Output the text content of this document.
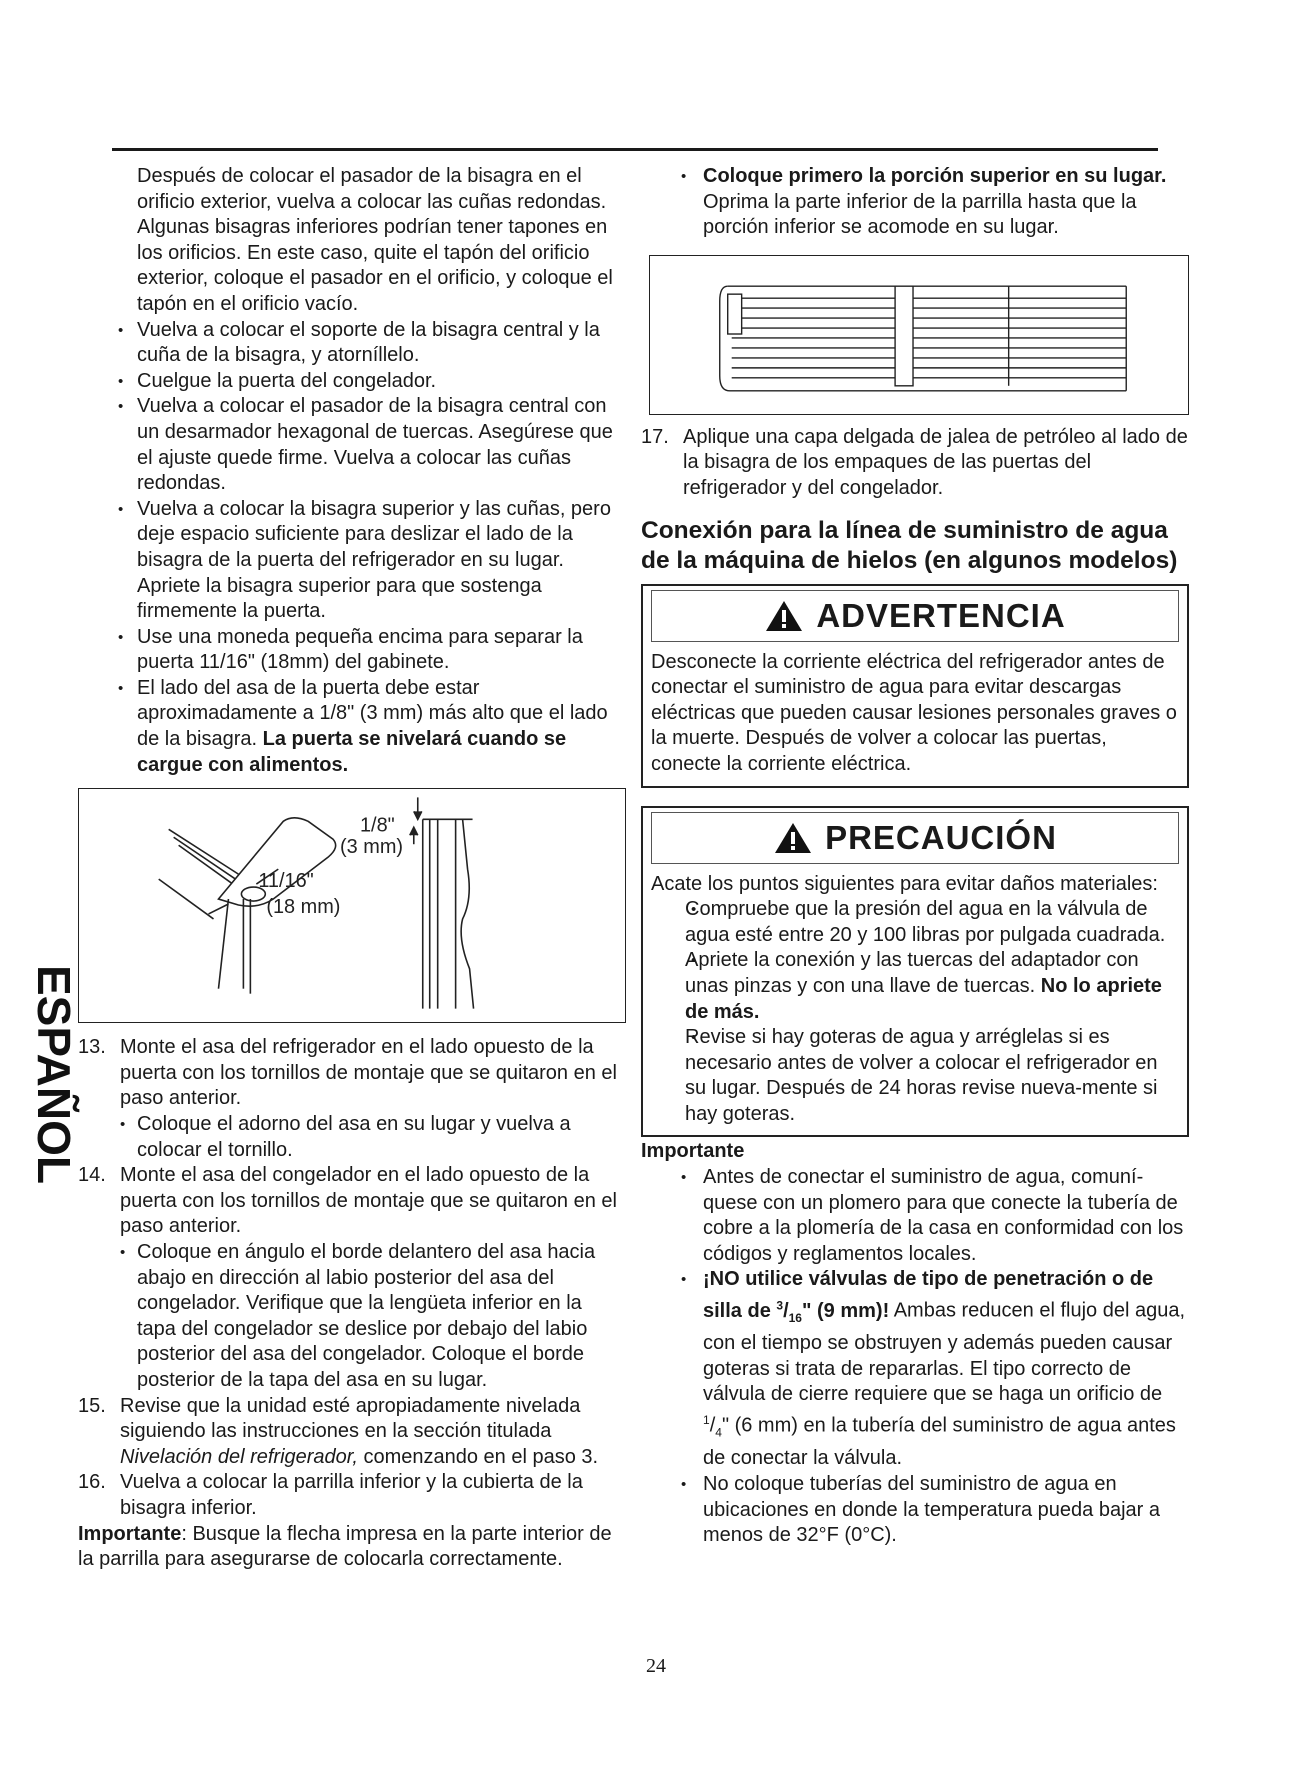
ESPAÑOL

Después de colocar el pasador de la bisagra en el orificio exterior, vuelva a colocar las cuñas redondas. Algunas bisagras inferiores podrían tener tapones en los orificios. En este caso, quite el tapón del orificio exterior, coloque el pasador en el orificio, y coloque el tapón en el orificio vacío.

• Vuelva a colocar el soporte de la bisagra central y la cuña de la bisagra, y atorníllelo.

• Cuelgue la puerta del congelador.

• Vuelva a colocar el pasador de la bisagra central con un desarmador hexagonal de tuercas. Asegúrese que el ajuste quede firme. Vuelva a colocar las cuñas redondas.

• Vuelva a colocar la bisagra superior y las cuñas, pero deje espacio suficiente para deslizar el lado de la bisagra de la puerta del refrigerador en su lugar. Apriete la bisagra superior para que sostenga firmemente la puerta.

• Use una moneda pequeña encima para separar la puerta 11/16" (18mm) del gabinete.

• El lado del asa de la puerta debe estar aproximadamente a 1/8" (3 mm) más alto que el lado de la bisagra. La puerta se nivelará cuando se cargue con alimentos.

1/8"
(3 mm)
11/16"
(18 mm)

13. Monte el asa del refrigerador en el lado opuesto de la puerta con los tornillos de montaje que se quitaron en el paso anterior.

• Coloque el adorno del asa en su lugar y vuelva a colocar el tornillo.

14. Monte el asa del congelador en el lado opuesto de la puerta con los tornillos de montaje que se quitaron en el paso anterior.

• Coloque en ángulo el borde delantero del asa hacia abajo en dirección al labio posterior del asa del congelador. Verifique que la lengüeta inferior en la tapa del congelador se deslice por debajo del labio posterior del asa del congelador. Coloque el borde posterior de la tapa del asa en su lugar.

15. Revise que la unidad esté apropiadamente nivelada siguiendo las instrucciones en la sección titulada Nivelación del refrigerador, comenzando en el paso 3.

16. Vuelva a colocar la parrilla inferior y la cubierta de la bisagra inferior.

Importante: Busque la flecha impresa en la parte interior de la parrilla para asegurarse de colocarla correctamente.

• Coloque primero la porción superior en su lugar. Oprima la parte inferior de la parrilla hasta que la porción inferior se acomode en su lugar.

17. Aplique una capa delgada de jalea de petróleo al lado de la bisagra de los empaques de las puertas del refrigerador y del congelador.

Conexión para la línea de suministro de agua de la máquina de hielos (en algunos modelos)
ADVERTENCIA
Desconecte la corriente eléctrica del refrigerador antes de conectar el suministro de agua para evitar descargas eléctricas que pueden causar lesiones personales graves o la muerte. Después de volver a colocar las puertas, conecte la corriente eléctrica.
PRECAUCIÓN
Acate los puntos siguientes para evitar daños materiales:

• Compruebe que la presión del agua en la válvula de agua esté entre 20 y 100 libras por pulgada cuadrada.

• Apriete la conexión y las tuercas del adaptador con unas pinzas y con una llave de tuercas. No lo apriete de más.

• Revise si hay goteras de agua y arréglelas si es necesario antes de volver a colocar el refrigerador en su lugar. Después de 24 horas revise nueva-mente si hay goteras.

Importante

• Antes de conectar el suministro de agua, comuní-quese con un plomero para que conecte la tubería de cobre a la plomería de la casa en conformidad con los códigos y reglamentos locales.

• ¡NO utilice válvulas de tipo de penetración o de silla de $^3/_{16}$" (9 mm)! Ambas reducen el flujo del agua, con el tiempo se obstruyen y además pueden causar goteras si trata de repararlas. El tipo correcto de válvula de cierre requiere que se haga un orificio de $^1/_4$" (6 mm) en la tubería del suministro de agua antes de conectar la válvula.

• No coloque tuberías del suministro de agua en ubicaciones en donde la temperatura pueda bajar a menos de 32°F (0°C).

24
